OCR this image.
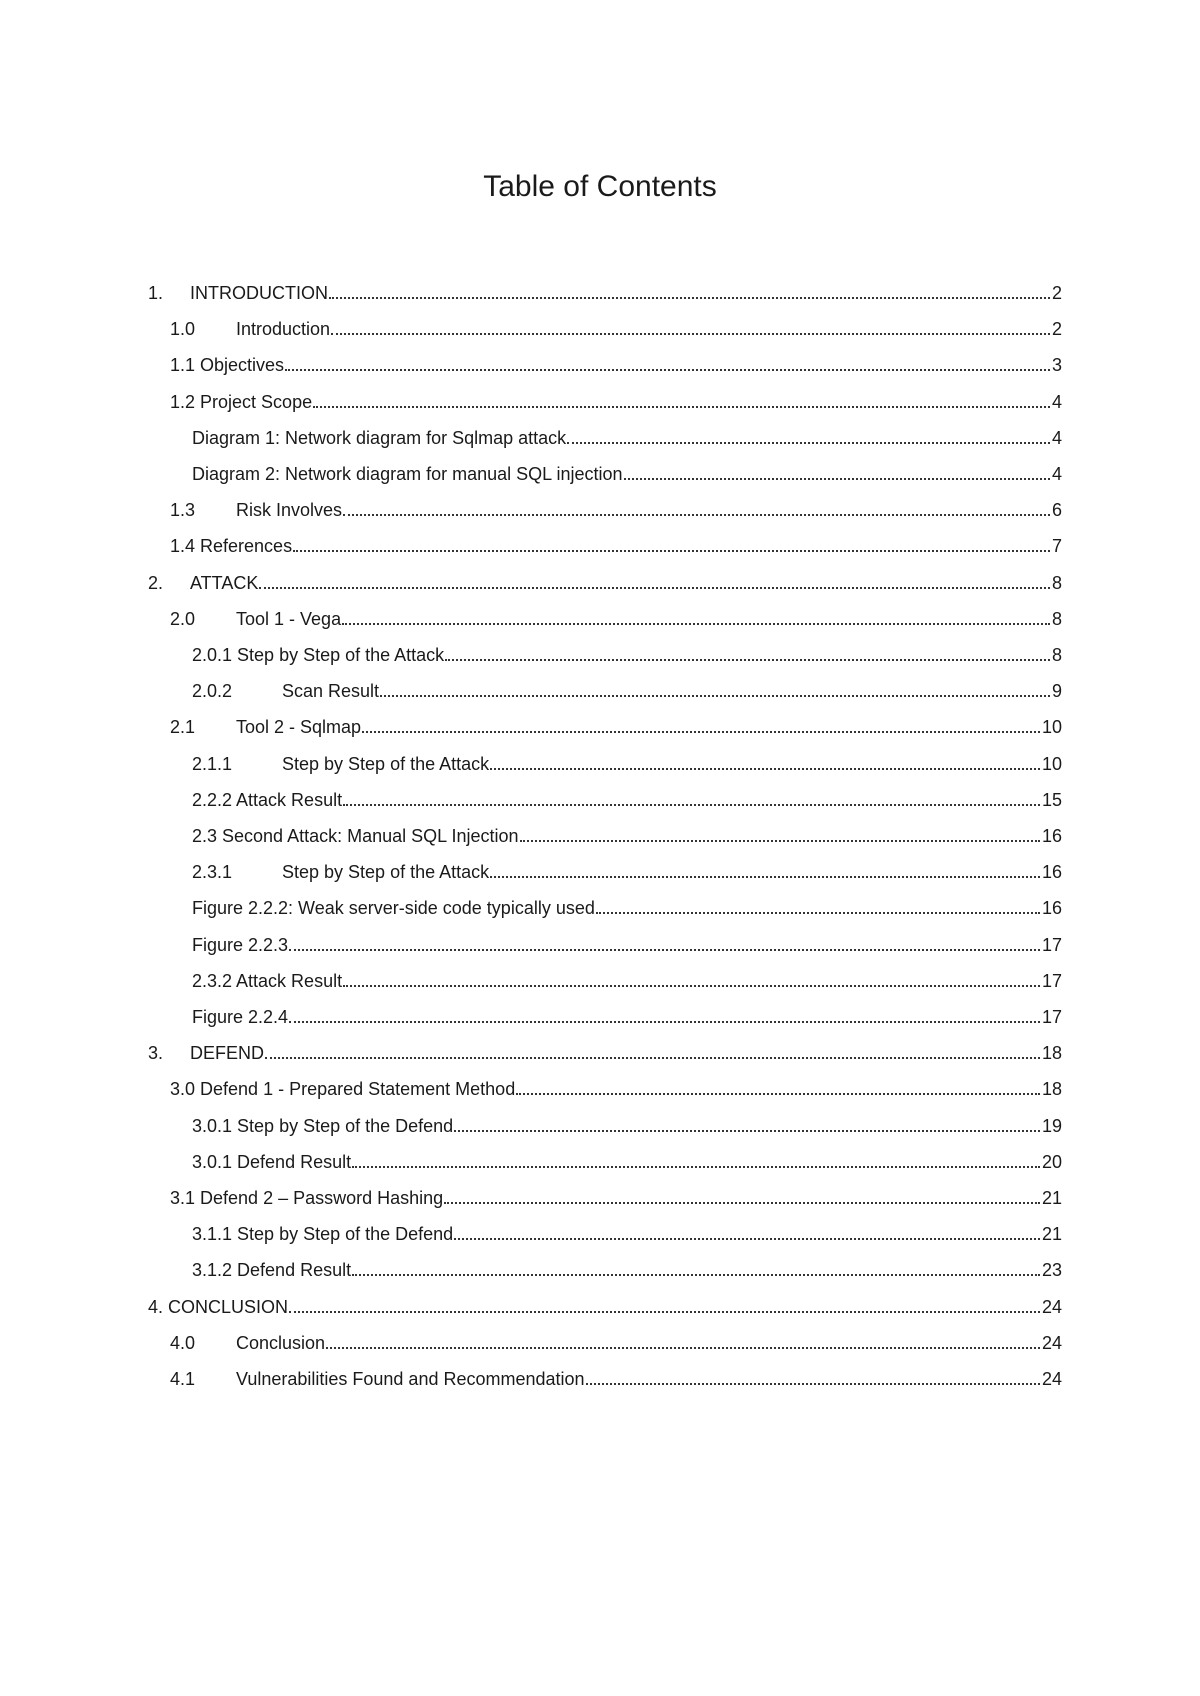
Table of Contents
1.	INTRODUCTION	2
1.0	Introduction	2
1.1 Objectives	3
1.2 Project Scope	4
Diagram 1: Network diagram for Sqlmap attack	4
Diagram 2: Network diagram for manual SQL injection	4
1.3	Risk Involves	6
1.4 References	7
2.	ATTACK	8
2.0	Tool 1 - Vega	8
2.0.1 Step by Step of the Attack	8
2.0.2	Scan Result	9
2.1	Tool 2 - Sqlmap	10
2.1.1	Step by Step of the Attack	10
2.2.2 Attack Result	15
2.3 Second Attack: Manual SQL Injection	16
2.3.1	Step by Step of the Attack	16
Figure 2.2.2: Weak server-side code typically used	16
Figure 2.2.3	17
2.3.2 Attack Result	17
Figure 2.2.4	17
3.	DEFEND	18
3.0 Defend 1 - Prepared Statement Method	18
3.0.1 Step by Step of the Defend	19
3.0.1 Defend Result	20
3.1 Defend 2 – Password Hashing	21
3.1.1 Step by Step of the Defend	21
3.1.2 Defend Result	23
4. CONCLUSION	24
4.0	Conclusion	24
4.1	Vulnerabilities Found and Recommendation	24
